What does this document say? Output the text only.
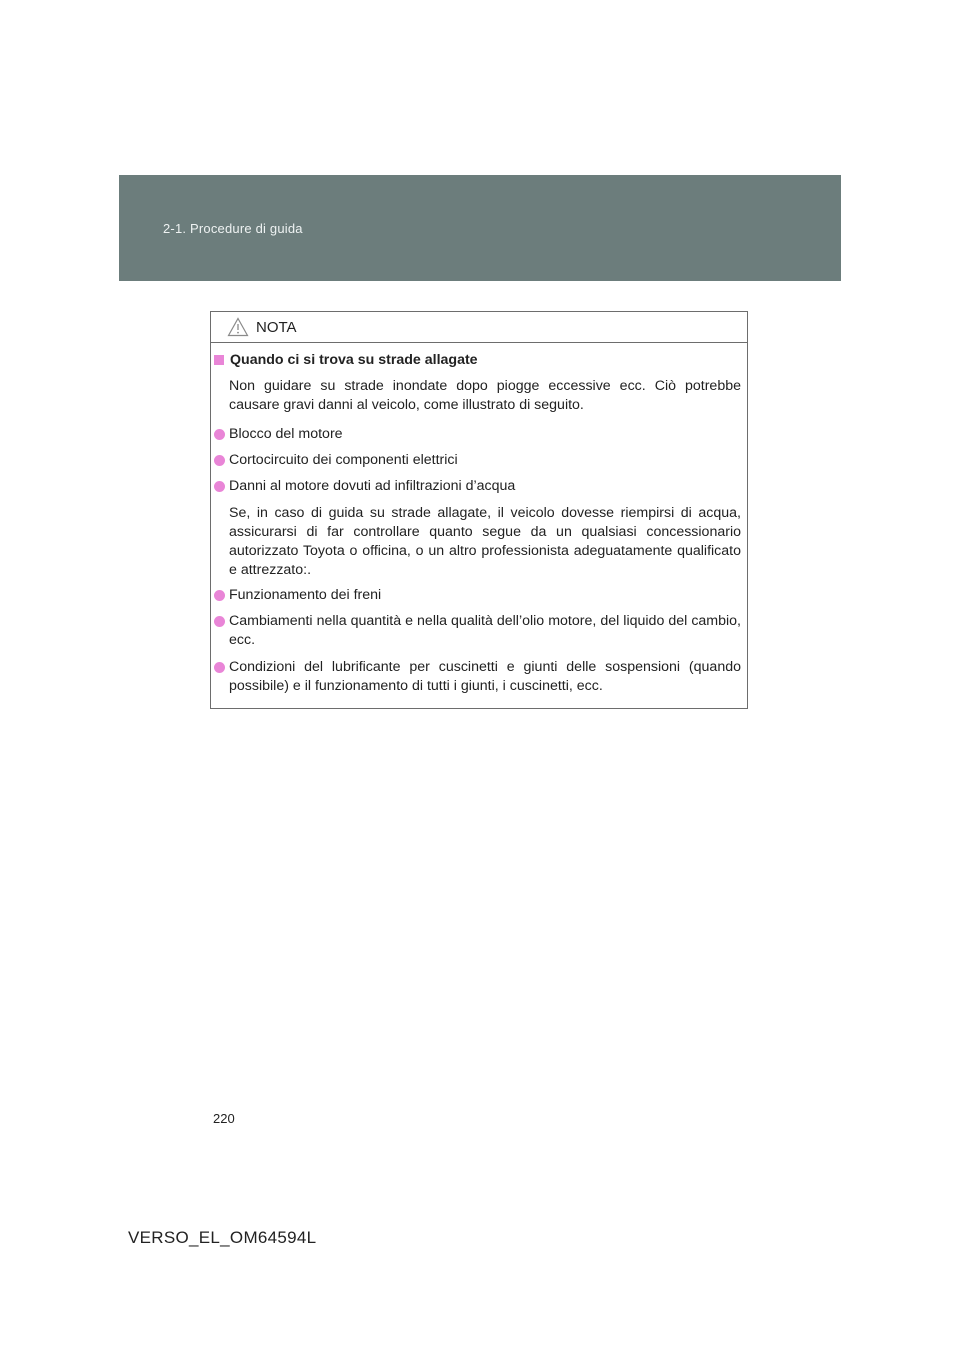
2-1. Procedure di guida
NOTA
Quando ci si trova su strade allagate
Non guidare su strade inondate dopo piogge eccessive ecc. Ciò potrebbe causare gravi danni al veicolo, come illustrato di seguito.
Blocco del motore
Cortocircuito dei componenti elettrici
Danni al motore dovuti ad infiltrazioni d’acqua
Se, in caso di guida su strade allagate, il veicolo dovesse riempirsi di acqua, assicurarsi di far controllare quanto segue da un qualsiasi concessionario autorizzato Toyota o officina, o un altro professionista adeguatamente qualificato e attrezzato:.
Funzionamento dei freni
Cambiamenti nella quantità e nella qualità dell’olio motore, del liquido del cambio, ecc.
Condizioni del lubrificante per cuscinetti e giunti delle sospensioni (quando possibile) e il funzionamento di tutti i giunti, i cuscinetti, ecc.
220
VERSO_EL_OM64594L
